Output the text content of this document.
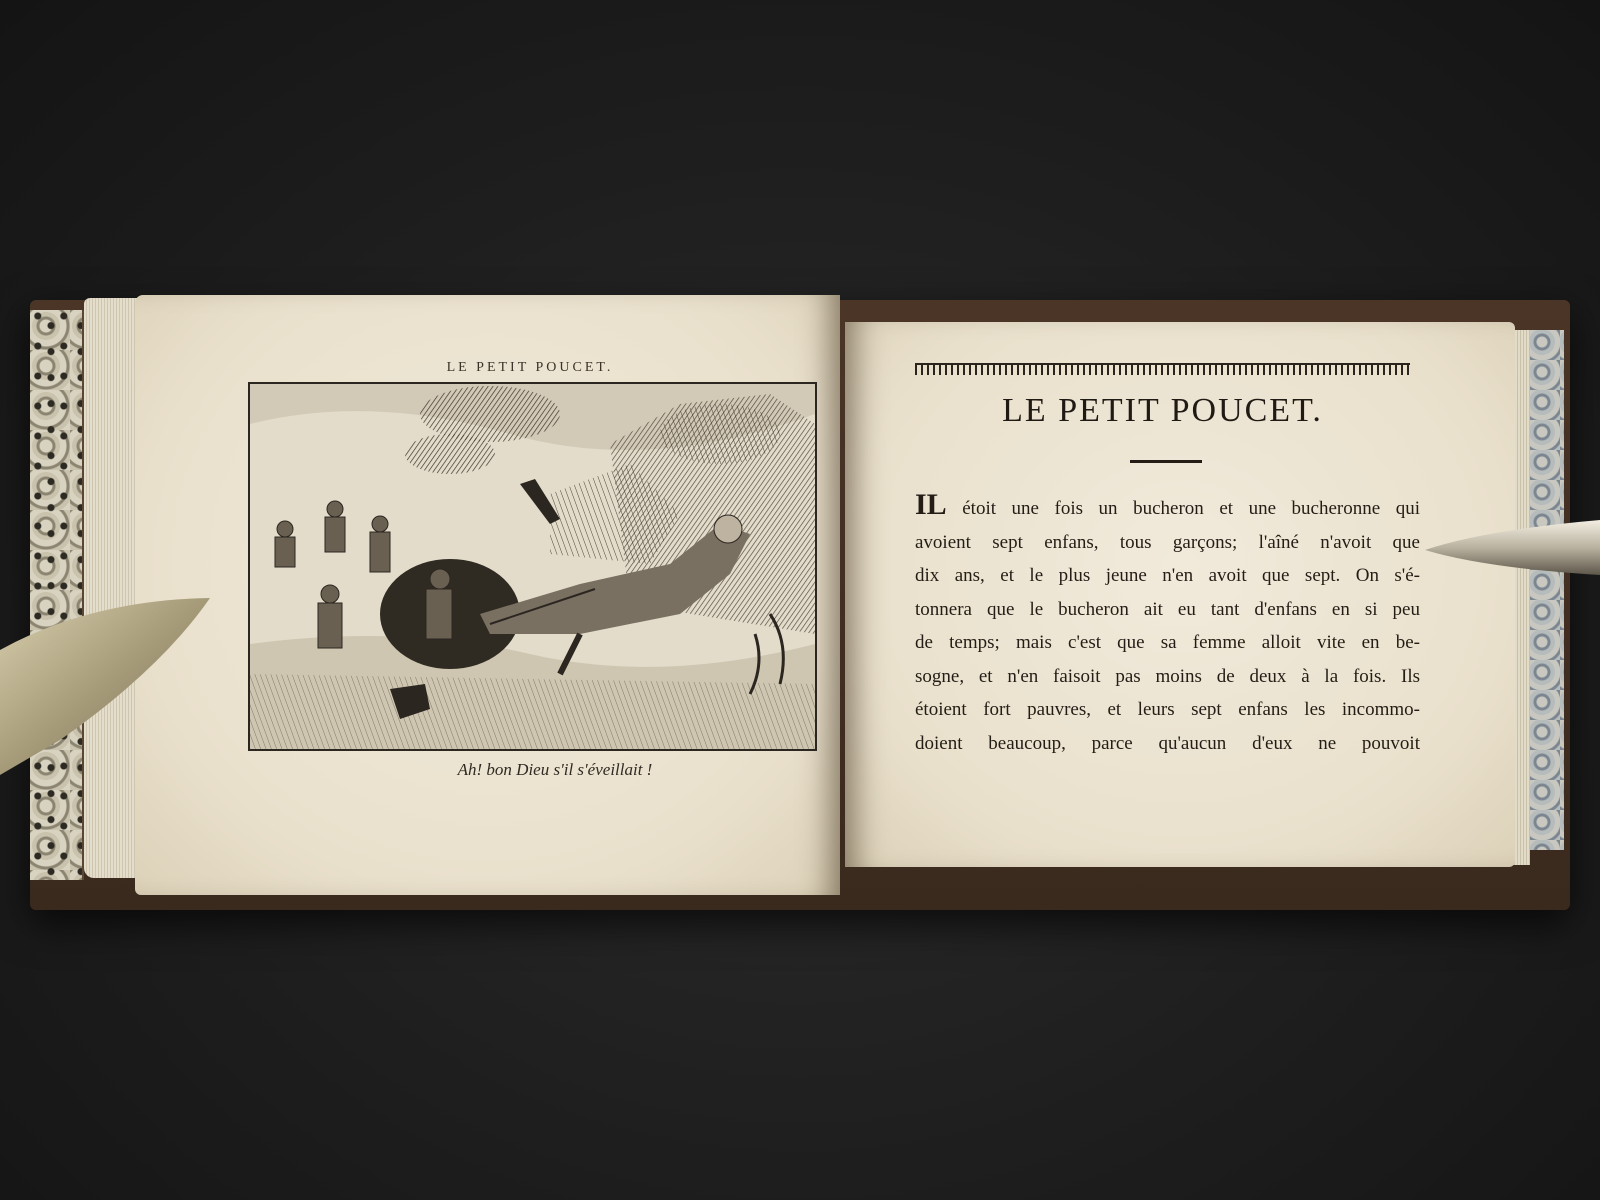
LE PETIT POUCET.
Ah! bon Dieu s'il s'éveillait !
LE PETIT POUCET.
IL étoit une fois un bucheron et une bucheronne qui
avoient sept enfans, tous garçons; l'aîné n'avoit que
dix ans, et le plus jeune n'en avoit que sept. On s'é-
tonnera que le bucheron ait eu tant d'enfans en si peu
de temps; mais c'est que sa femme alloit vite en be-
sogne, et n'en faisoit pas moins de deux à la fois. Ils
étoient fort pauvres, et leurs sept enfans les incommo-
doient beaucoup, parce qu'aucun d'eux ne pouvoit
